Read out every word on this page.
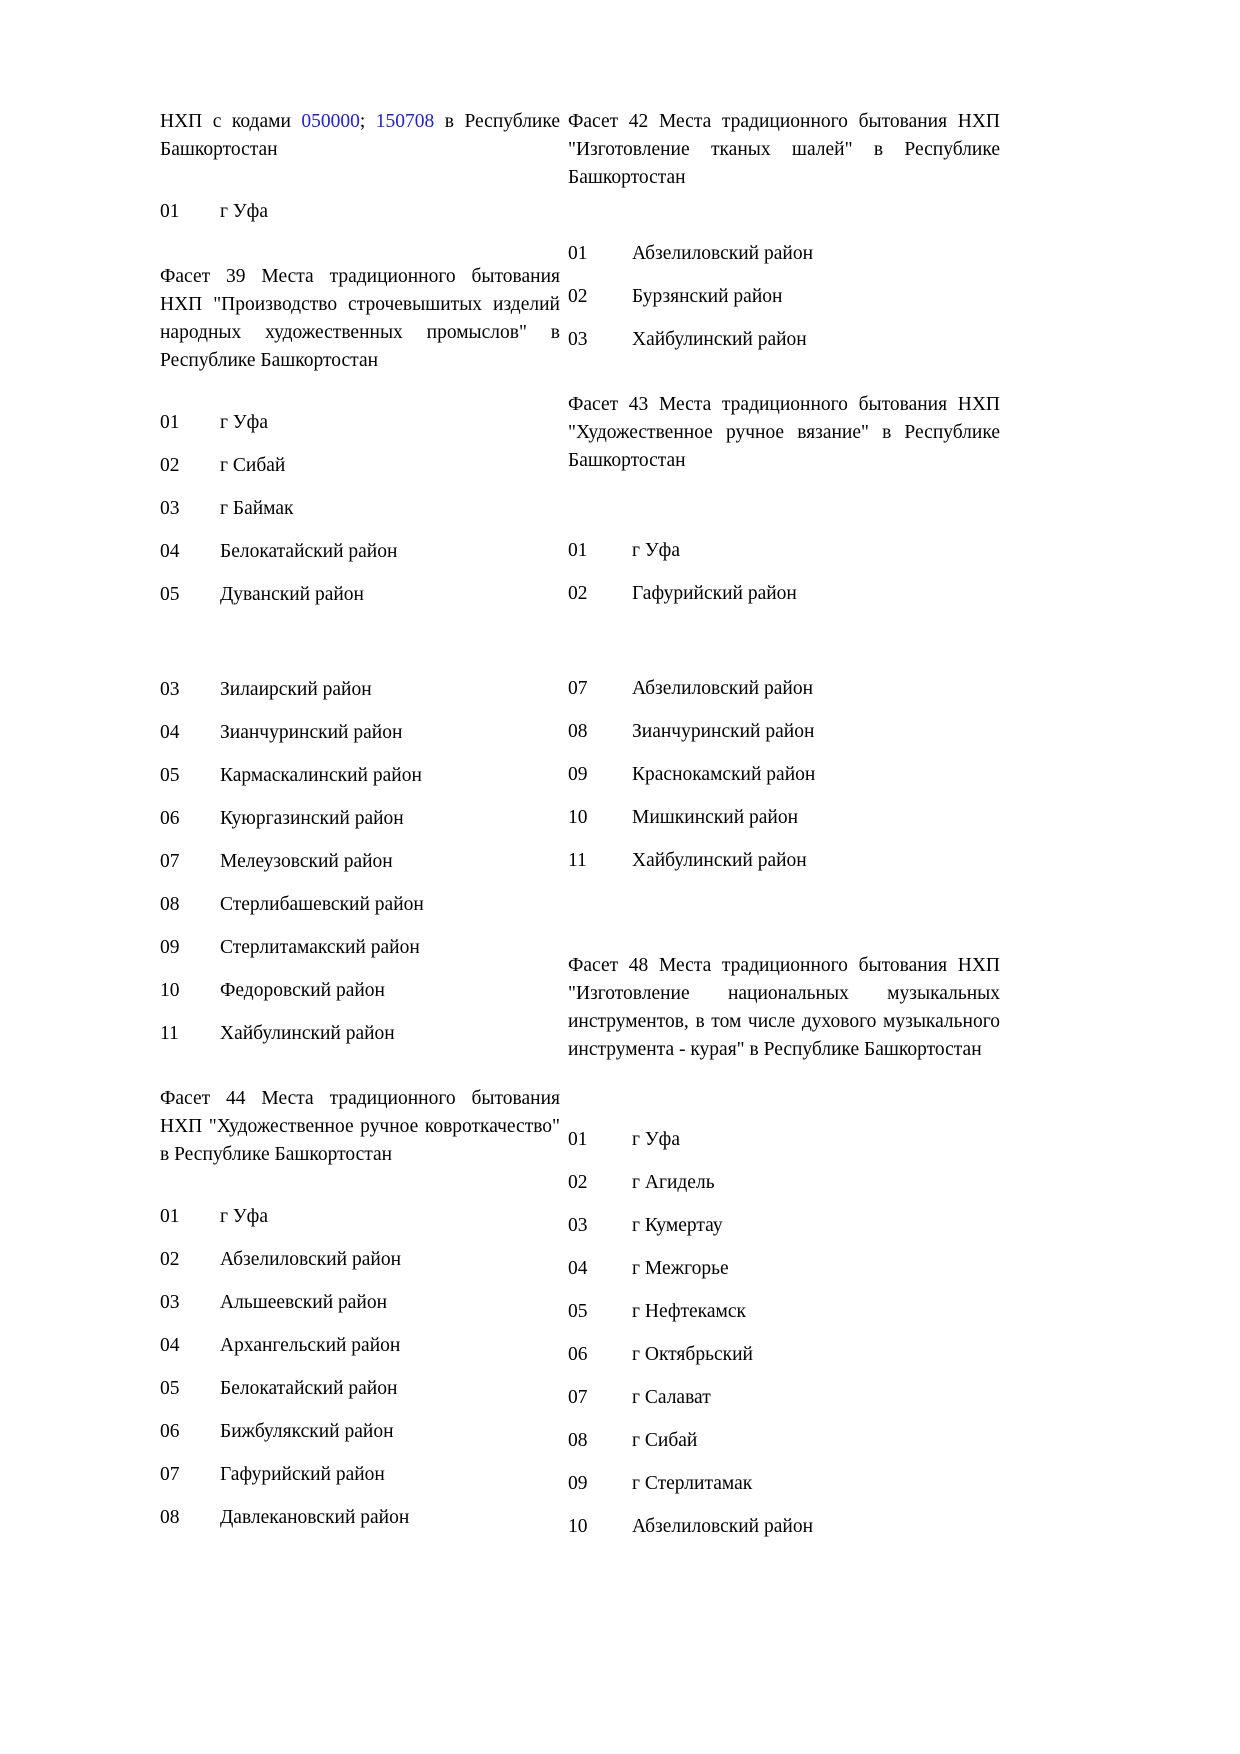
НХП с кодами 050000; 150708 в Республике Башкортостан

01 г Уфа

Фасет 39 Места традиционного бытования НХП "Производство строчевышитых изделий народных художественных промыслов" в Республике Башкортостан

01 г Уфа
02 г Сибай
03 г Баймак
04 Белокатайский район
05 Дуванский район
03 Зилаирский район
04 Зианчуринский район
05 Кармаскалинский район
06 Куюргазинский район
07 Мелеузовский район
08 Стерлибашевский район
09 Стерлитамакский район
10 Федоровский район
11 Хайбулинский район

Фасет 44 Места традиционного бытования НХП "Художественное ручное ковроткачество" в Республике Башкортостан

01 г Уфа
02 Абзелиловский район
03 Альшеевский район
04 Архангельский район
05 Белокатайский район
06 Бижбулякский район
07 Гафурийский район
08 Давлекановский район

Фасет 42 Места традиционного бытования НХП "Изготовление тканых шалей" в Республике Башкортостан

01 Абзелиловский район
02 Бурзянский район
03 Хайбулинский район

Фасет 43 Места традиционного бытования НХП "Художественное ручное вязание" в Республике Башкортостан

01 г Уфа
02 Гафурийский район
07 Абзелиловский район
08 Зианчуринский район
09 Краснокамский район
10 Мишкинский район
11 Хайбулинский район

Фасет 48 Места традиционного бытования НХП "Изготовление национальных музыкальных инструментов, в том числе духового музыкального инструмента - курая" в Республике Башкортостан

01 г Уфа
02 г Агидель
03 г Кумертау
04 г Межгорье
05 г Нефтекамск
06 г Октябрьский
07 г Салават
08 г Сибай
09 г Стерлитамак
10 Абзелиловский район
